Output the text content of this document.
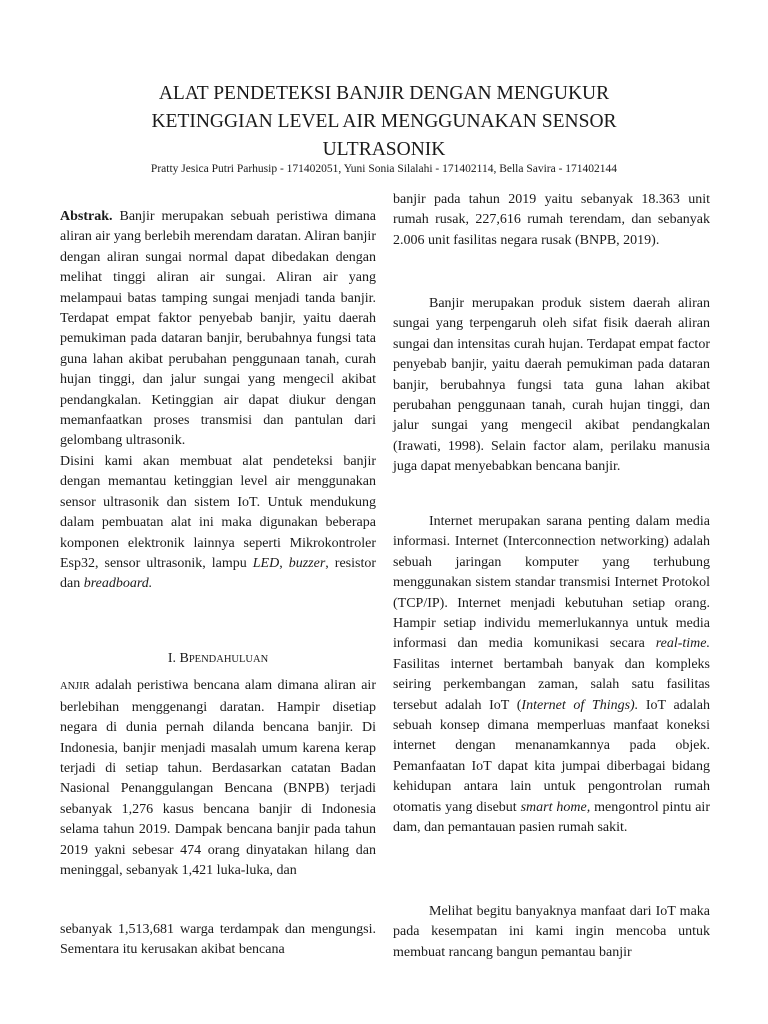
ALAT PENDETEKSI BANJIR DENGAN MENGUKUR
KETINGGIAN LEVEL AIR MENGGUNAKAN SENSOR
ULTRASONIK

Pratty Jesica Putri Parhusip - 171402051, Yuni Sonia Silalahi - 171402114, Bella Savira - 171402144

Abstrak. Banjir merupakan sebuah peristiwa dimana aliran air yang berlebih merendam daratan. Aliran banjir dengan aliran sungai normal dapat dibedakan dengan melihat tinggi aliran air sungai. Aliran air yang melampaui batas tamping sungai menjadi tanda banjir. Terdapat empat faktor penyebab banjir, yaitu daerah pemukiman pada dataran banjir, berubahnya fungsi tata guna lahan akibat perubahan penggunaan tanah, curah hujan tinggi, dan jalur sungai yang mengecil akibat pendangkalan. Ketinggian air dapat diukur dengan memanfaatkan proses transmisi dan pantulan dari gelombang ultrasonik.

Disini kami akan membuat alat pendeteksi banjir dengan memantau ketinggian level air menggunakan sensor ultrasonik dan sistem IoT. Untuk mendukung dalam pembuatan alat ini maka digunakan beberapa komponen elektronik lainnya seperti Mikrokontroler Esp32, sensor ultrasonik, lampu LED, buzzer, resistor dan breadboard.

I. BPENDAHULUAN

ANJIR adalah peristiwa bencana alam dimana aliran air berlebihan menggenangi daratan. Hampir disetiap negara di dunia pernah dilanda bencana banjir. Di Indonesia, banjir menjadi masalah umum karena kerap terjadi di setiap tahun. Berdasarkan catatan Badan Nasional Penanggulangan Bencana (BNPB) terjadi sebanyak 1,276 kasus bencana banjir di Indonesia selama tahun 2019. Dampak bencana banjir pada tahun 2019 yakni sebesar 474 orang dinyatakan hilang dan meninggal, sebanyak 1,421 luka-luka, dan

sebanyak 1,513,681 warga terdampak dan mengungsi. Sementara itu kerusakan akibat bencana

banjir pada tahun 2019 yaitu sebanyak 18.363 unit rumah rusak, 227,616 rumah terendam, dan sebanyak 2.006 unit fasilitas negara rusak (BNPB, 2019).

Banjir merupakan produk sistem daerah aliran sungai yang terpengaruh oleh sifat fisik daerah aliran sungai dan intensitas curah hujan. Terdapat empat factor penyebab banjir, yaitu daerah pemukiman pada dataran banjir, berubahnya fungsi tata guna lahan akibat perubahan penggunaan tanah, curah hujan tinggi, dan jalur sungai yang mengecil akibat pendangkalan (Irawati, 1998). Selain factor alam, perilaku manusia juga dapat menyebabkan bencana banjir.

Internet merupakan sarana penting dalam media informasi. Internet (Interconnection networking) adalah sebuah jaringan komputer yang terhubung menggunakan sistem standar transmisi Internet Protokol (TCP/IP). Internet menjadi kebutuhan setiap orang. Hampir setiap individu memerlukannya untuk media informasi dan media komunikasi secara real-time. Fasilitas internet bertambah banyak dan kompleks seiring perkembangan zaman, salah satu fasilitas tersebut adalah IoT (Internet of Things). IoT adalah sebuah konsep dimana memperluas manfaat koneksi internet dengan menanamkannya pada objek. Pemanfaatan IoT dapat kita jumpai diberbagai bidang kehidupan antara lain untuk pengontrolan rumah otomatis yang disebut smart home, mengontrol pintu air dam, dan pemantauan pasien rumah sakit.

Melihat begitu banyaknya manfaat dari IoT maka pada kesempatan ini kami ingin mencoba untuk membuat rancang bangun pemantau banjir
